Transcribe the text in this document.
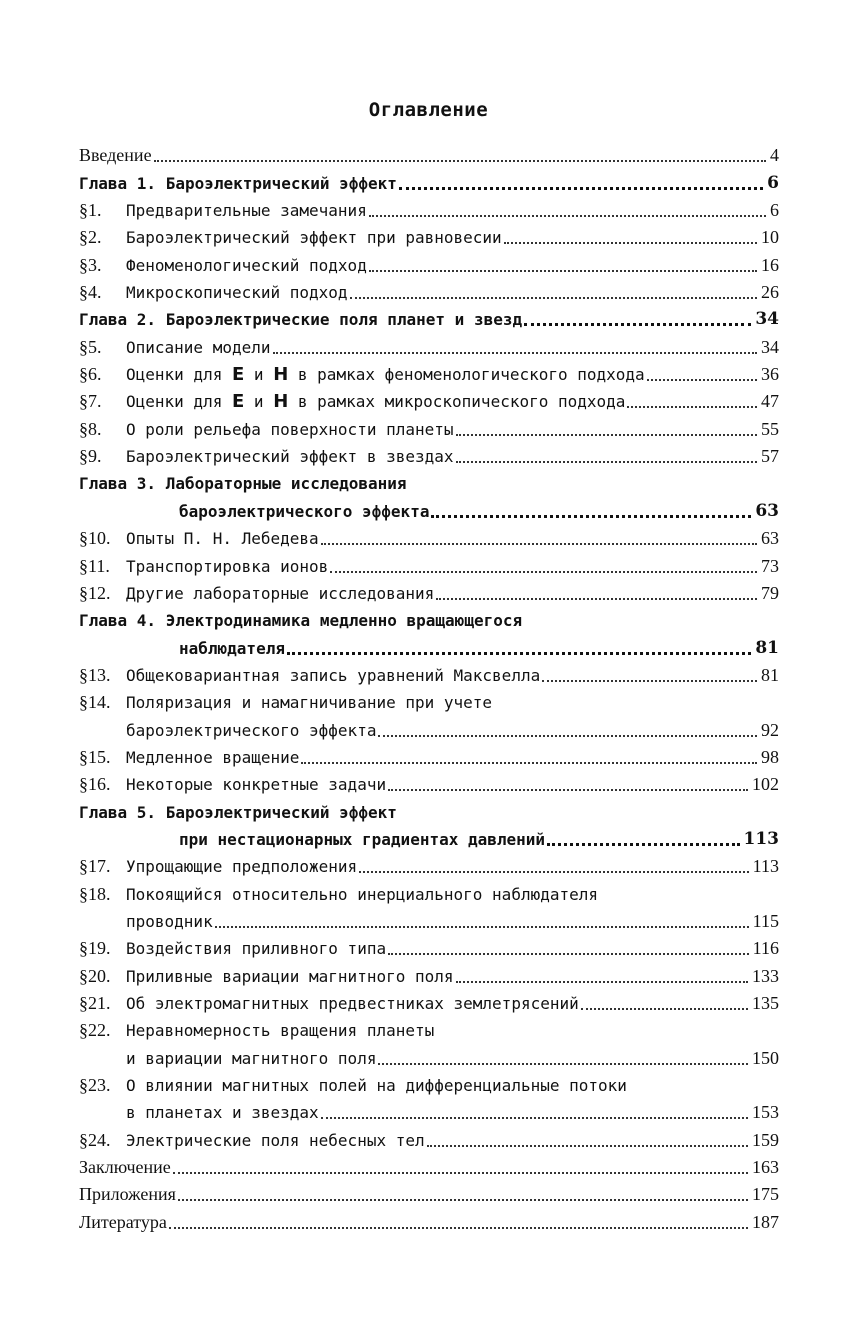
Оглавление
Введение	4
Глава 1. Бароэлектрический эффект	6
§1.	Предварительные замечания	6
§2.	Бароэлектрический эффект при равновесии	10
§3.	Феноменологический подход	16
§4.	Микроскопический подход	26
Глава 2. Бароэлектрические поля планет и звезд	34
§5.	Описание модели	34
§6.	Оценки для E и H в рамках феноменологического подхода	36
§7.	Оценки для E и H в рамках микроскопического подхода	47
§8.	О роли рельефа поверхности планеты	55
§9.	Бароэлектрический эффект в звездах	57
Глава 3. Лабораторные исследования
бароэлектрического эффекта	63
§10. Опыты П. Н. Лебедева	63
§11.	Транспортировка ионов	73
§12. Другие лабораторные исследования	79
Глава 4. Электродинамика медленно вращающегося
наблюдателя	81
§13. Общековариантная запись уравнений Максвелла	81
§14. Поляризация и намагничивание при учете
бароэлектрического эффекта	92
§15. Медленное вращение	98
§16. Некоторые конкретные задачи	102
Глава 5. Бароэлектрический эффект
при нестационарных градиентах давлений	113
§17. Упрощающие предположения	113
§18. Покоящийся относительно инерциального наблюдателя
проводник	115
§19. Воздействия приливного типа	116
§20. Приливные вариации магнитного поля	133
§21. Об электромагнитных предвестниках землетрясений	135
§22. Неравномерность вращения планеты
и вариации магнитного поля	150
§23. О влиянии магнитных полей на дифференциальные потоки
в планетах и звездах	153
§24. Электрические поля небесных тел	159
Заключение	163
Приложения	175
Литература	187
